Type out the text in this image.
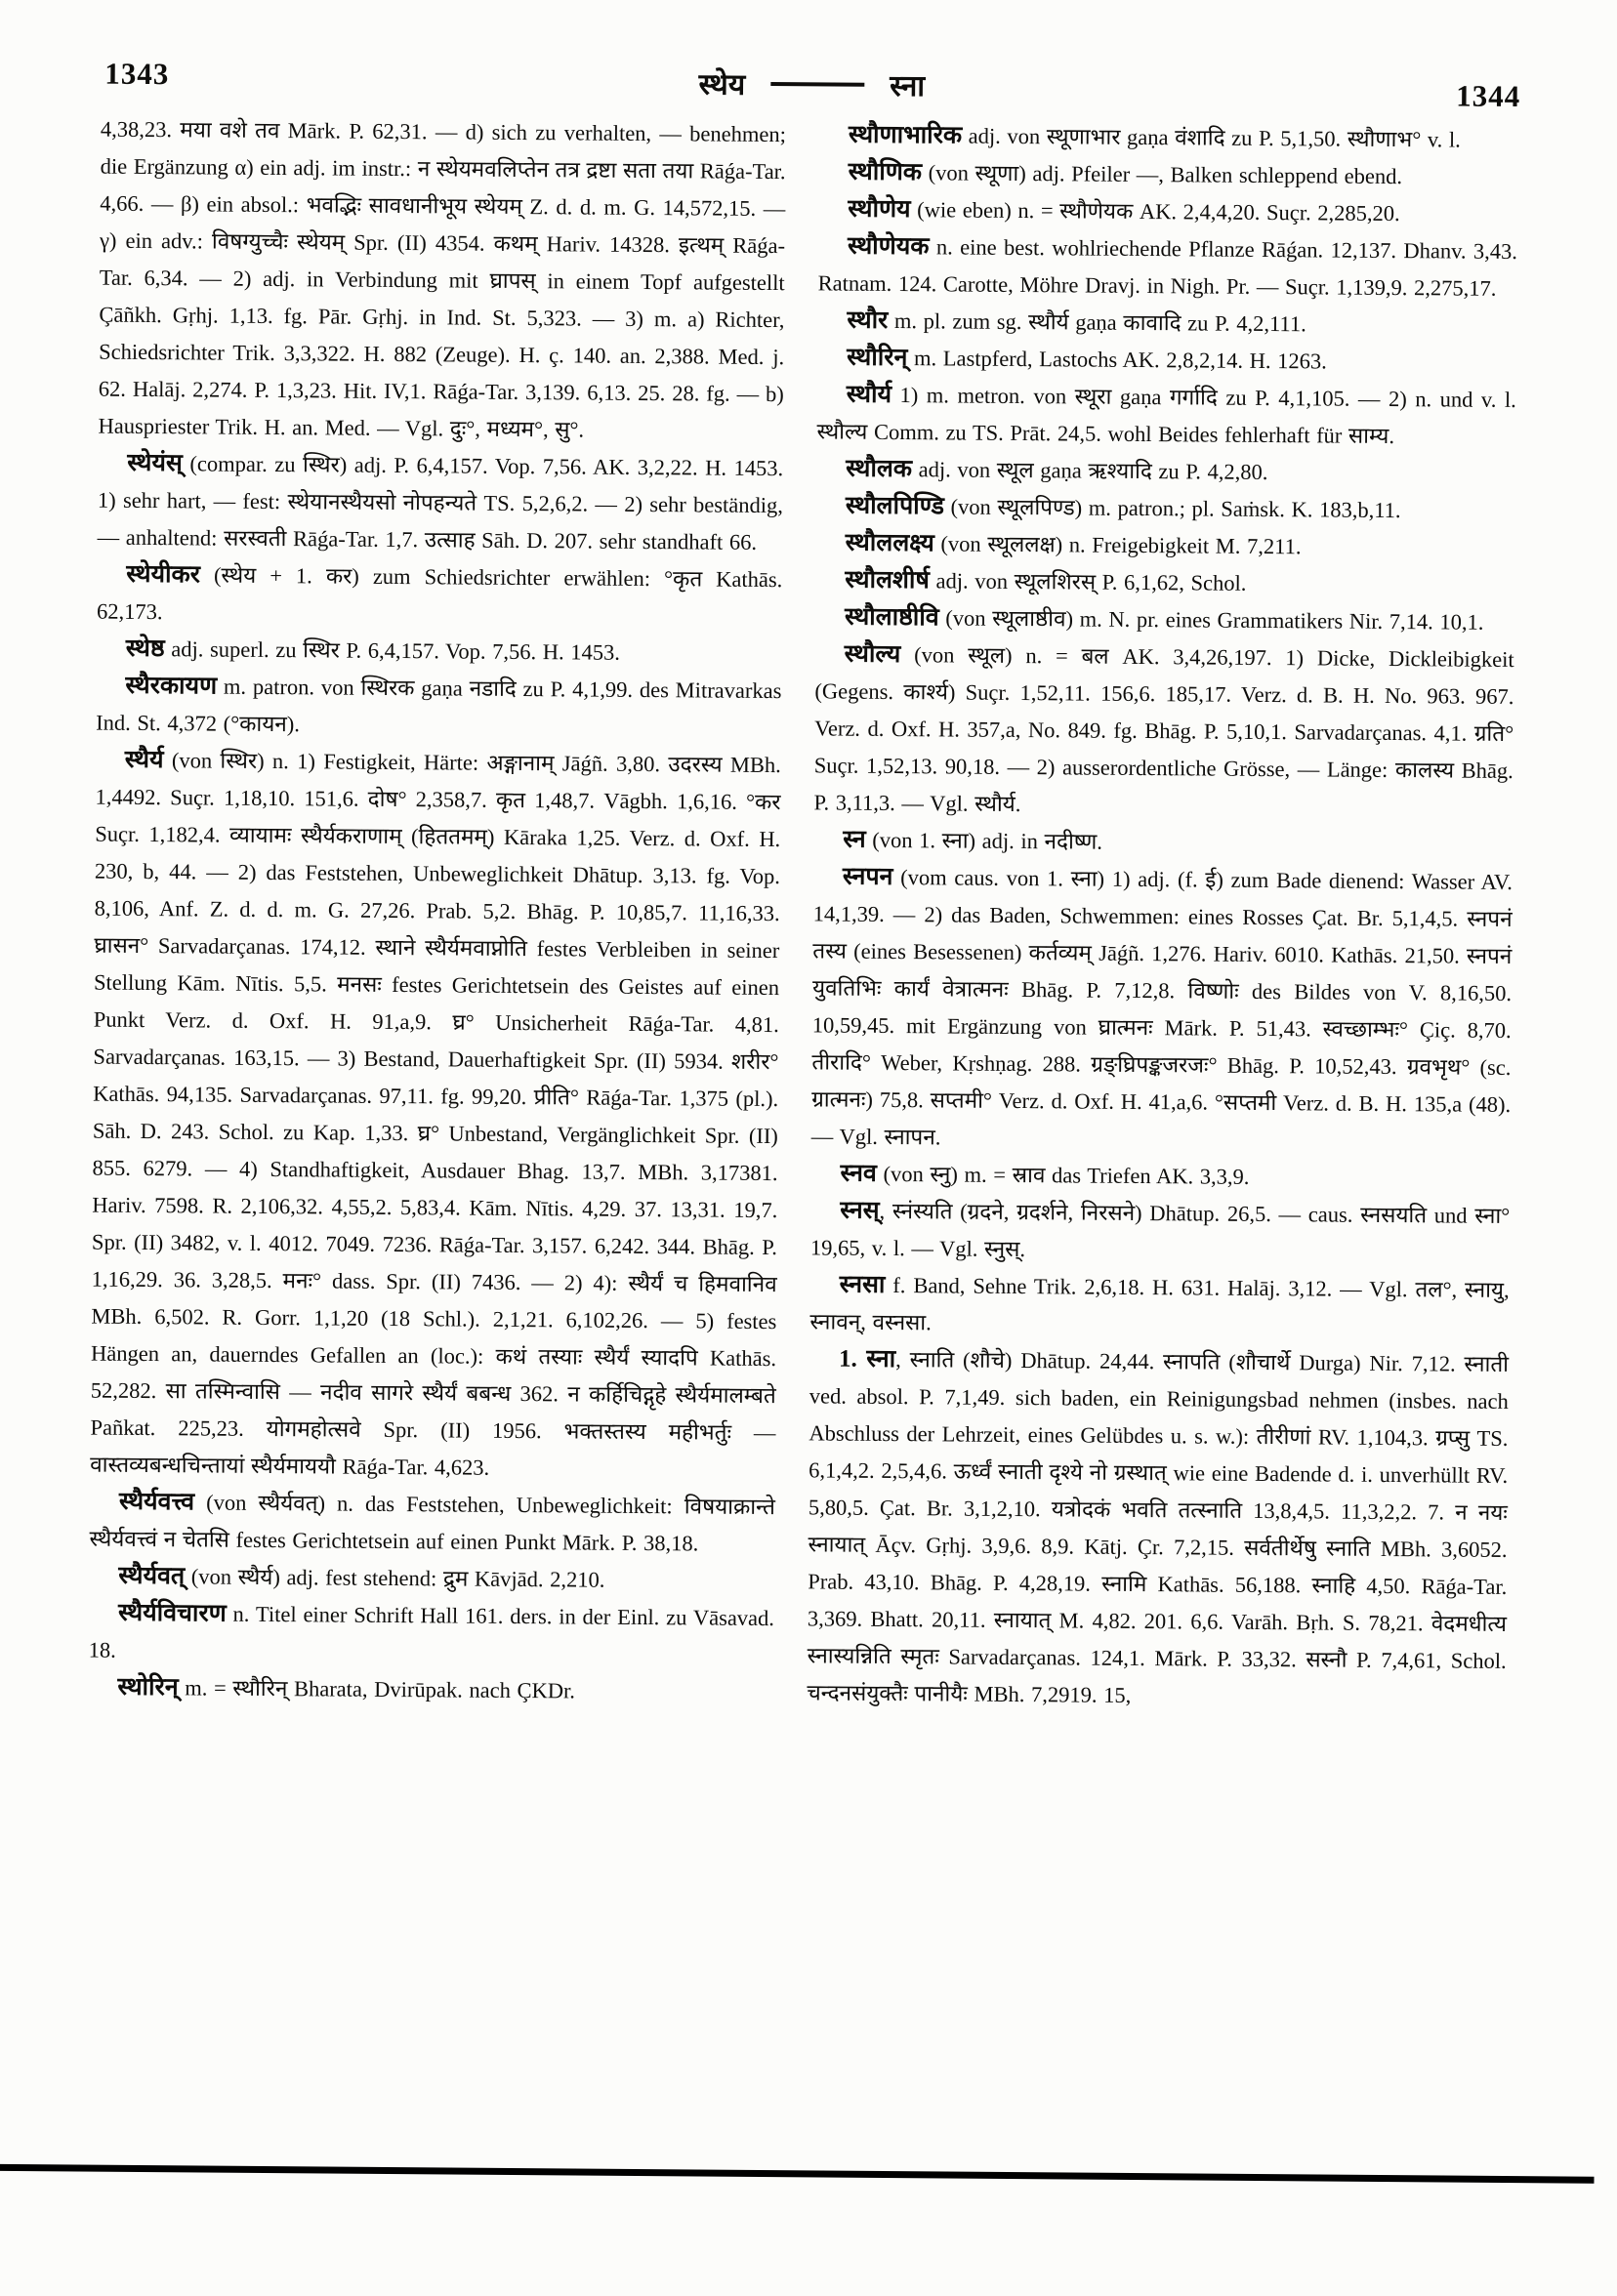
1343	स्थेय	स्ना	1344

4,38,23. मया वशे तव Mārk. P. 62,31. — d) sich zu verhalten, — benehmen; die Ergänzung α) ein adj. im instr.: न स्थेयमवलिप्तेन तत्र द्रष्टा सता तया Rāǵa-Tar. 4,66. — β) ein absol.: भवद्भिः सावधानीभूय स्थेयम् Z. d. d. m. G. 14,572,15. — γ) ein adv.: विषग्युच्चैः स्थेयम् Spr. (II) 4354. कथम् Hariv. 14328. इत्थम् Rāǵa-Tar. 6,34. — 2) adj. in Verbindung mit घ्रापस् in einem Topf aufgestellt Çāñkh. Gṛhj. 1,13. fg. Pār. Gṛhj. in Ind. St. 5,323. — 3) m. a) Richter, Schiedsrichter Trik. 3,3,322. H. 882 (Zeuge). H. ç. 140. an. 2,388. Med. j. 62. Halāj. 2,274. P. 1,3,23. Hit. IV,1. Rāǵa-Tar. 3,139. 6,13. 25. 28. fg. — b) Hauspriester Trik. H. an. Med. — Vgl. दुः°, मध्यम°, सु°.

स्थेयंस् (compar. zu स्थिर) adj. P. 6,4,157. Vop. 7,56. AK. 3,2,22. H. 1453. 1) sehr hart, — fest: स्थेयानस्थैयसो नोपहन्यते TS. 5,2,6,2. — 2) sehr beständig, — anhaltend: सरस्वती Rāǵa-Tar. 1,7. उत्साह Sāh. D. 207. sehr standhaft 66.

स्थेयीकर (स्थेय + 1. कर) zum Schiedsrichter erwählen: °कृत Kathās. 62,173.

स्थेष्ठ adj. superl. zu स्थिर P. 6,4,157. Vop. 7,56. H. 1453.

स्थैरकायण m. patron. von स्थिरक gaṇa नडादि zu P. 4,1,99. des Mitravarkas Ind. St. 4,372 (°कायन).

स्थैर्य (von स्थिर) n. 1) Festigkeit, Härte: अङ्गानाम् Jāǵñ. 3,80. उदरस्य MBh. 1,4492. Suçr. 1,18,10. 151,6. दोष° 2,358,7. कृत 1,48,7. Vāgbh. 1,6,16. °कर Suçr. 1,182,4. व्यायामः स्थैर्यकराणाम् (हिततमम्) Kāraka 1,25. Verz. d. Oxf. H. 230, b, 44. — 2) das Feststehen, Unbeweglichkeit Dhātup. 3,13. fg. Vop. 8,106, Anf. Z. d. d. m. G. 27,26. Prab. 5,2. Bhāg. P. 10,85,7. 11,16,33. घ्रासन° Sarvadarçanas. 174,12. स्थाने स्थैर्यमवाप्नोति festes Verbleiben in seiner Stellung Kām. Nītis. 5,5. मनसः festes Gerichtetsein des Geistes auf einen Punkt Verz. d. Oxf. H. 91,a,9. घ्र° Unsicherheit Rāǵa-Tar. 4,81. Sarvadarçanas. 163,15. — 3) Bestand, Dauerhaftigkeit Spr. (II) 5934. शरीर° Kathās. 94,135. Sarvadarçanas. 97,11. fg. 99,20. प्रीति° Rāǵa-Tar. 1,375 (pl.). Sāh. D. 243. Schol. zu Kap. 1,33. घ्र° Unbestand, Vergänglichkeit Spr. (II) 855. 6279. — 4) Standhaftigkeit, Ausdauer Bhag. 13,7. MBh. 3,17381. Hariv. 7598. R. 2,106,32. 4,55,2. 5,83,4. Kām. Nītis. 4,29. 37. 13,31. 19,7. Spr. (II) 3482, v. l. 4012. 7049. 7236. Rāǵa-Tar. 3,157. 6,242. 344. Bhāg. P. 1,16,29. 36. 3,28,5. मनः° dass. Spr. (II) 7436. — 2) 4): स्थैर्यं च हिमवानिव MBh. 6,502. R. Gorr. 1,1,20 (18 Schl.). 2,1,21. 6,102,26. — 5) festes Hängen an, dauerndes Gefallen an (loc.): कथं तस्याः स्थैर्यं स्यादपि Kathās. 52,282. सा तस्मिन्वासि — नदीव सागरे स्थैर्यं बबन्ध 362. न कर्हिचिद्गृहे स्थैर्यमालम्बते Pañkat. 225,23. योगमहोत्सवे Spr. (II) 1956. भक्तस्तस्य महीभर्तुः — वास्तव्यबन्धचिन्तायां स्थैर्यमाययौ Rāǵa-Tar. 4,623.

स्थैर्यवत्त्व (von स्थैर्यवत्) n. das Feststehen, Unbeweglichkeit: विषयाक्रान्ते स्थैर्यवत्त्वं न चेतसि festes Gerichtetsein auf einen Punkt Mārk. P. 38,18.

स्थैर्यवत् (von स्थैर्य) adj. fest stehend: द्रुम Kāvjād. 2,210.

स्थैर्यविचारण n. Titel einer Schrift Hall 161. ders. in der Einl. zu Vāsavad. 18.

स्थोरिन् m. = स्थौरिन् Bharata, Dvirūpak. nach ÇKDr.

स्थौणाभारिक adj. von स्थूणाभार gaṇa वंशादि zu P. 5,1,50. स्थौणाभ° v. l.

स्थौणिक (von स्थूणा) adj. Pfeiler —, Balken schleppend ebend.

स्थौणेय (wie eben) n. = स्थौणेयक AK. 2,4,4,20. Suçr. 2,285,20.

स्थौणेयक n. eine best. wohlriechende Pflanze Rāǵan. 12,137. Dhanv. 3,43. Ratnam. 124. Carotte, Möhre Dravj. in Nigh. Pr. — Suçr. 1,139,9. 2,275,17.

स्थौर m. pl. zum sg. स्थौर्य gaṇa कावादि zu P. 4,2,111.

स्थौरिन् m. Lastpferd, Lastochs AK. 2,8,2,14. H. 1263.

स्थौर्य 1) m. metron. von स्थूरा gaṇa गर्गादि zu P. 4,1,105. — 2) n. und v. l. स्थौल्य Comm. zu TS. Prāt. 24,5. wohl Beides fehlerhaft für साम्य.

स्थौलक adj. von स्थूल gaṇa ऋश्यादि zu P. 4,2,80.

स्थौलपिण्डि (von स्थूलपिण्ड) m. patron.; pl. Saṁsk. K. 183,b,11.

स्थौललक्ष्य (von स्थूललक्ष) n. Freigebigkeit M. 7,211.

स्थौलशीर्ष adj. von स्थूलशिरस् P. 6,1,62, Schol.

स्थौलाष्ठीवि (von स्थूलाष्ठीव) m. N. pr. eines Grammatikers Nir. 7,14. 10,1.

स्थौल्य (von स्थूल) n. = बल AK. 3,4,26,197. 1) Dicke, Dickleibigkeit (Gegens. कार्श्य) Suçr. 1,52,11. 156,6. 185,17. Verz. d. B. H. No. 963. 967. Verz. d. Oxf. H. 357,a, No. 849. fg. Bhāg. P. 5,10,1. Sarvadarçanas. 4,1. ग्रति° Suçr. 1,52,13. 90,18. — 2) ausserordentliche Grösse, — Länge: कालस्य Bhāg. P. 3,11,3. — Vgl. स्थौर्य.

स्न (von 1. स्ना) adj. in नदीष्ण.

स्नपन (vom caus. von 1. स्ना) 1) adj. (f. ई) zum Bade dienend: Wasser AV. 14,1,39. — 2) das Baden, Schwemmen: eines Rosses Çat. Br. 5,1,4,5. स्नपनं तस्य (eines Besessenen) कर्तव्यम् Jāǵñ. 1,276. Hariv. 6010. Kathās. 21,50. स्नपनं युवतिभिः कार्यं वेत्रात्मनः Bhāg. P. 7,12,8. विष्णोः des Bildes von V. 8,16,50. 10,59,45. mit Ergänzung von घ्रात्मनः Mārk. P. 51,43. स्वच्छाम्भः° Çiç. 8,70. तीरादि° Weber, Kṛshṇag. 288. ग्रङ्घ्रिपङ्कजरजः° Bhāg. P. 10,52,43. ग्रवभृथ° (sc. ग्रात्मनः) 75,8. सप्तमी° Verz. d. Oxf. H. 41,a,6. °सप्तमी Verz. d. B. H. 135,a (48). — Vgl. स्नापन.

स्नव (von स्नु) m. = स्राव das Triefen AK. 3,3,9.

स्नस्, स्नंस्यति (ग्रदने, ग्रदर्शने, निरसने) Dhātup. 26,5. — caus. स्नसयति und स्ना° 19,65, v. l. — Vgl. स्नुस्.

स्नसा f. Band, Sehne Trik. 2,6,18. H. 631. Halāj. 3,12. — Vgl. तल°, स्नायु, स्नावन्, वस्नसा.

1. स्ना, स्नाति (शौचे) Dhātup. 24,44. स्नापति (शौचार्थे Durga) Nir. 7,12. स्नाती ved. absol. P. 7,1,49. sich baden, ein Reinigungsbad nehmen (insbes. nach Abschluss der Lehrzeit, eines Gelübdes u. s. w.): तीरीणां RV. 1,104,3. ग्रप्सु TS. 6,1,4,2. 2,5,4,6. ऊर्ध्वं स्नाती दृश्ये नो ग्रस्थात् wie eine Badende d. i. unverhüllt RV. 5,80,5. Çat. Br. 3,1,2,10. यत्रोदकं भवति तत्स्नाति 13,8,4,5. 11,3,2,2. 7. न नयः स्नायात् Āçv. Gṛhj. 3,9,6. 8,9. Kātj. Çr. 7,2,15. सर्वतीर्थेषु स्नाति MBh. 3,6052. Prab. 43,10. Bhāg. P. 4,28,19. स्नामि Kathās. 56,188. स्नाहि 4,50. Rāǵa-Tar. 3,369. Bhatt. 20,11. स्नायात् M. 4,82. 201. 6,6. Varāh. Bṛh. S. 78,21. वेदमधीत्य स्नास्यन्निति स्मृतः Sarvadarçanas. 124,1. Mārk. P. 33,32. सस्नौ P. 7,4,61, Schol. चन्दनसंयुक्तैः पानीयैः MBh. 7,2919. 15,
